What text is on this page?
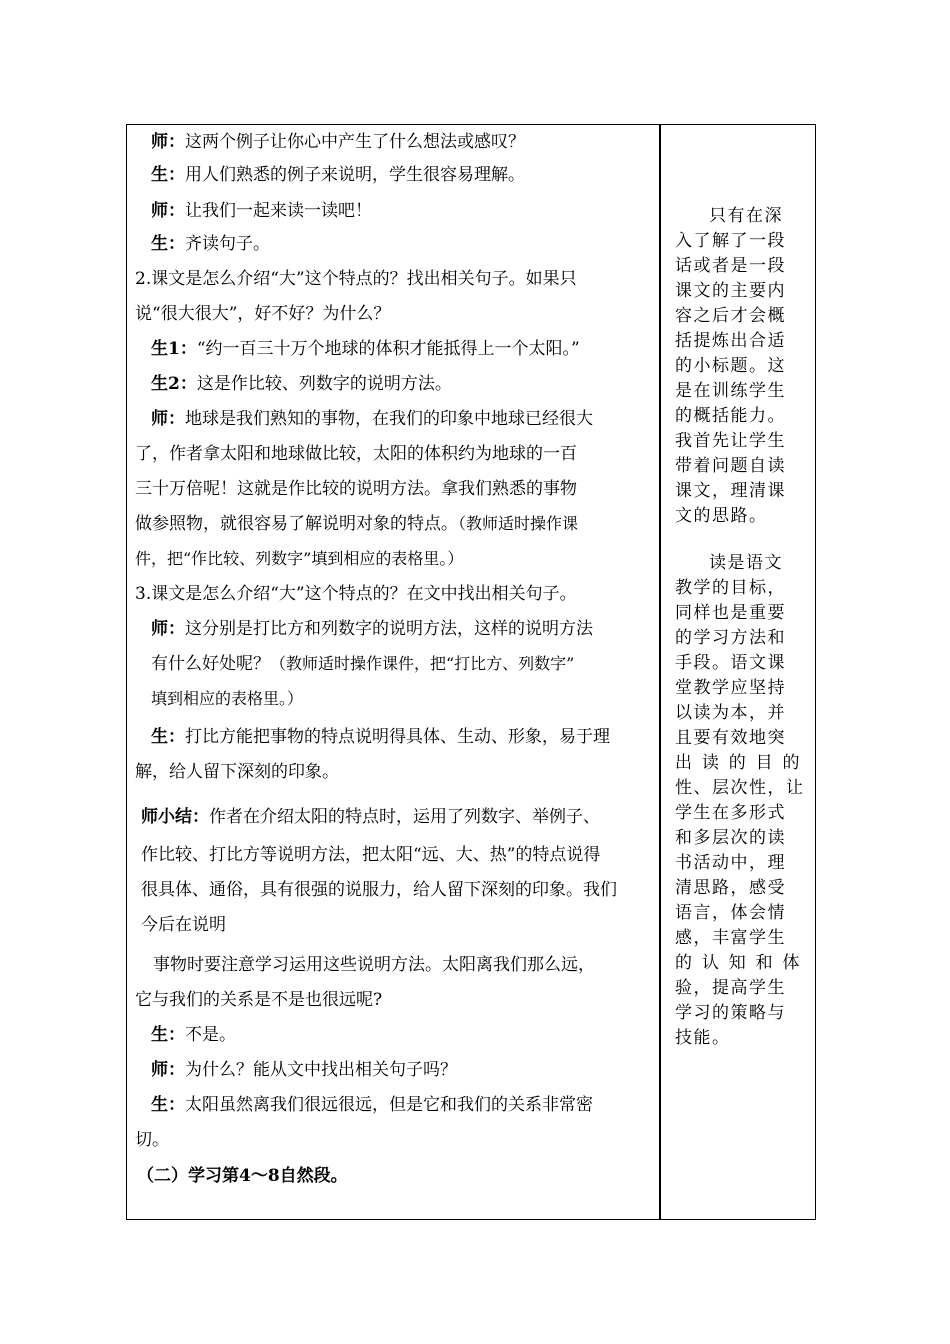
师：这两个例子让你心中产生了什么想法或感叹？
生：用人们熟悉的例子来说明，学生很容易理解。
师：让我们一起来读一读吧！
生：齐读句子。
2.课文是怎么介绍“大”这个特点的？找出相关句子。如果只
说“很大很大”，好不好？为什么？
生1：“约一百三十万个地球的体积才能抵得上一个太阳。”
生2：这是作比较、列数字的说明方法。
师：地球是我们熟知的事物，在我们的印象中地球已经很大
了，作者拿太阳和地球做比较，太阳的体积约为地球的一百
三十万倍呢！这就是作比较的说明方法。拿我们熟悉的事物
做参照物，就很容易了解说明对象的特点。（教师适时操作课
件，把“作比较、列数字”填到相应的表格里。）
3.课文是怎么介绍“大”这个特点的？在文中找出相关句子。
师：这分别是打比方和列数字的说明方法，这样的说明方法
有什么好处呢？（教师适时操作课件，把“打比方、列数字”
填到相应的表格里。）
生：打比方能把事物的特点说明得具体、生动、形象，易于理
解，给人留下深刻的印象。
师小结：作者在介绍太阳的特点时，运用了列数字、举例子、
作比较、打比方等说明方法，把太阳“远、大、热”的特点说得
很具体、通俗，具有很强的说服力，给人留下深刻的印象。我们
今后在说明
事物时要注意学习运用这些说明方法。太阳离我们那么远，
它与我们的关系是不是也很远呢?
生：不是。
师：为什么？能从文中找出相关句子吗？
生：太阳虽然离我们很远很远，但是它和我们的关系非常密
切。
（二）学习第4～8自然段。
只有在深
入了解了一段
话或者是一段
课文的主要内
容之后才会概
括提炼出合适
的小标题。这
是在训练学生
的概括能力。
我首先让学生
带着问题自读
课文，理清课
文的思路。
读是语文
教学的目标，
同样也是重要
的学习方法和
手段。语文课
堂教学应坚持
以读为本，并
且要有效地突
出读的目的
性、层次性，让
学生在多形式
和多层次的读
书活动中，理
清思路，感受
语言，体会情
感，丰富学生
的认知和体
验，提高学生
学习的策略与
技能。
